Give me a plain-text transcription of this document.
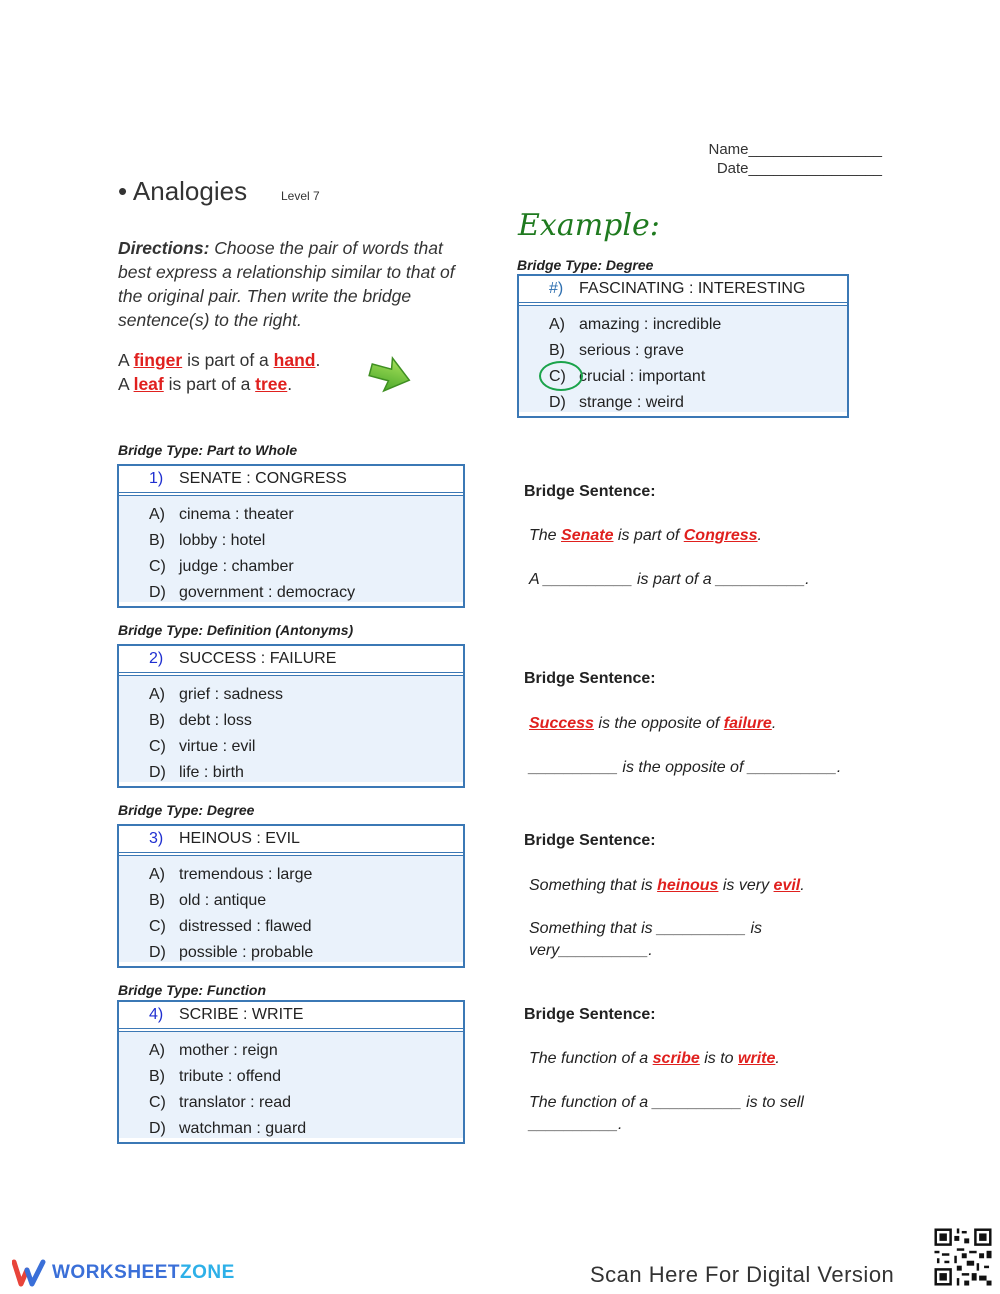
Name________________
Date________________
• Analogies	Level 7
Directions: Choose the pair of words that best express a relationship similar to that of the original pair. Then write the bridge sentence(s) to the right.
A finger is part of a hand.
A leaf is part of a tree.
Example:
Bridge Type: Degree
#) FASCINATING : INTERESTING
A) amazing : incredible
B) serious : grave
C) crucial : important
D) strange : weird
Bridge Type: Part to Whole
1) SENATE : CONGRESS
A) cinema : theater
B) lobby : hotel
C) judge : chamber
D) government : democracy
Bridge Sentence:
The Senate is part of Congress.
A __________ is part of a __________.
Bridge Type: Definition (Antonyms)
2) SUCCESS : FAILURE
A) grief : sadness
B) debt : loss
C) virtue : evil
D) life : birth
Bridge Sentence:
Success is the opposite of failure.
__________ is the opposite of __________.
Bridge Type: Degree
3) HEINOUS : EVIL
A) tremendous : large
B) old : antique
C) distressed : flawed
D) possible : probable
Bridge Sentence:
Something that is heinous is very evil.
Something that is __________ is very__________.
Bridge Type: Function
4) SCRIBE : WRITE
A) mother : reign
B) tribute : offend
C) translator : read
D) watchman : guard
Bridge Sentence:
The function of a scribe is to write.
The function of a __________ is to sell __________.
WORKSHEETZONE	Scan Here For Digital Version
